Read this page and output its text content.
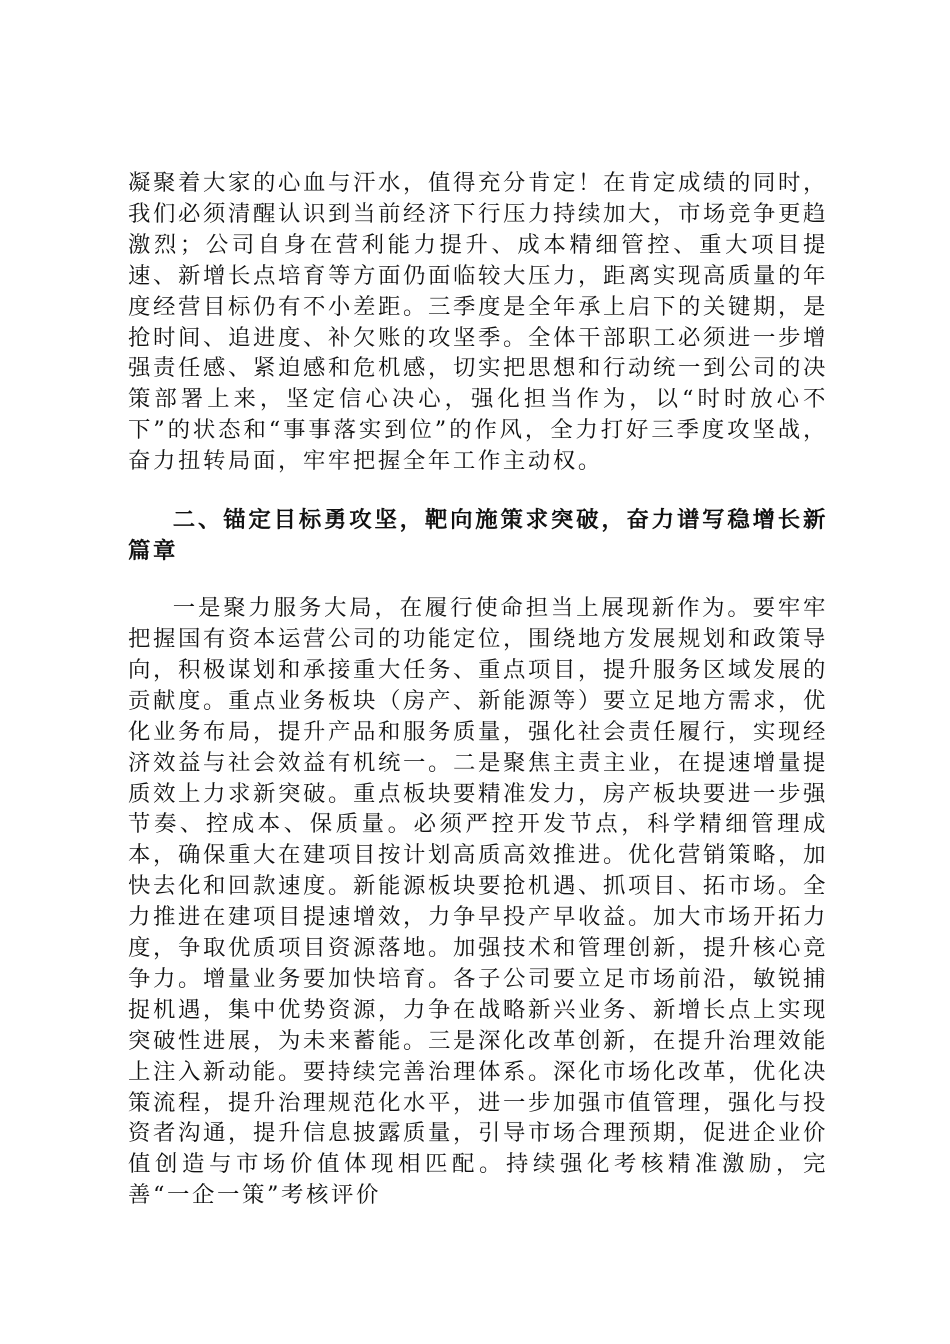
凝聚着大家的心血与汗水，值得充分肯定！在肯定成绩的同时，我们必须清醒认识到当前经济下行压力持续加大，市场竞争更趋激烈；公司自身在营利能力提升、成本精细管控、重大项目提速、新增长点培育等方面仍面临较大压力，距离实现高质量的年度经营目标仍有不小差距。三季度是全年承上启下的关键期，是抢时间、追进度、补欠账的攻坚季。全体干部职工必须进一步增强责任感、紧迫感和危机感，切实把思想和行动统一到公司的决策部署上来，坚定信心决心，强化担当作为，以“时时放心不下”的状态和“事事落实到位”的作风，全力打好三季度攻坚战，奋力扭转局面，牢牢把握全年工作主动权。

二、锚定目标勇攻坚，靶向施策求突破，奋力谱写稳增长新篇章

一是聚力服务大局，在履行使命担当上展现新作为。要牢牢把握国有资本运营公司的功能定位，围绕地方发展规划和政策导向，积极谋划和承接重大任务、重点项目，提升服务区域发展的贡献度。重点业务板块（房产、新能源等）要立足地方需求，优化业务布局，提升产品和服务质量，强化社会责任履行，实现经济效益与社会效益有机统一。二是聚焦主责主业，在提速增量提质效上力求新突破。重点板块要精准发力，房产板块要进一步强节奏、控成本、保质量。必须严控开发节点，科学精细管理成本，确保重大在建项目按计划高质高效推进。优化营销策略，加快去化和回款速度。新能源板块要抢机遇、抓项目、拓市场。全力推进在建项目提速增效，力争早投产早收益。加大市场开拓力度，争取优质项目资源落地。加强技术和管理创新，提升核心竞争力。增量业务要加快培育。各子公司要立足市场前沿，敏锐捕捉机遇，集中优势资源，力争在战略新兴业务、新增长点上实现突破性进展，为未来蓄能。三是深化改革创新，在提升治理效能上注入新动能。要持续完善治理体系。深化市场化改革，优化决策流程，提升治理规范化水平，进一步加强市值管理，强化与投资者沟通，提升信息披露质量，引导市场合理预期，促进企业价值创造与市场价值体现相匹配。持续强化考核精准激励，完善“一企一策”考核评价
